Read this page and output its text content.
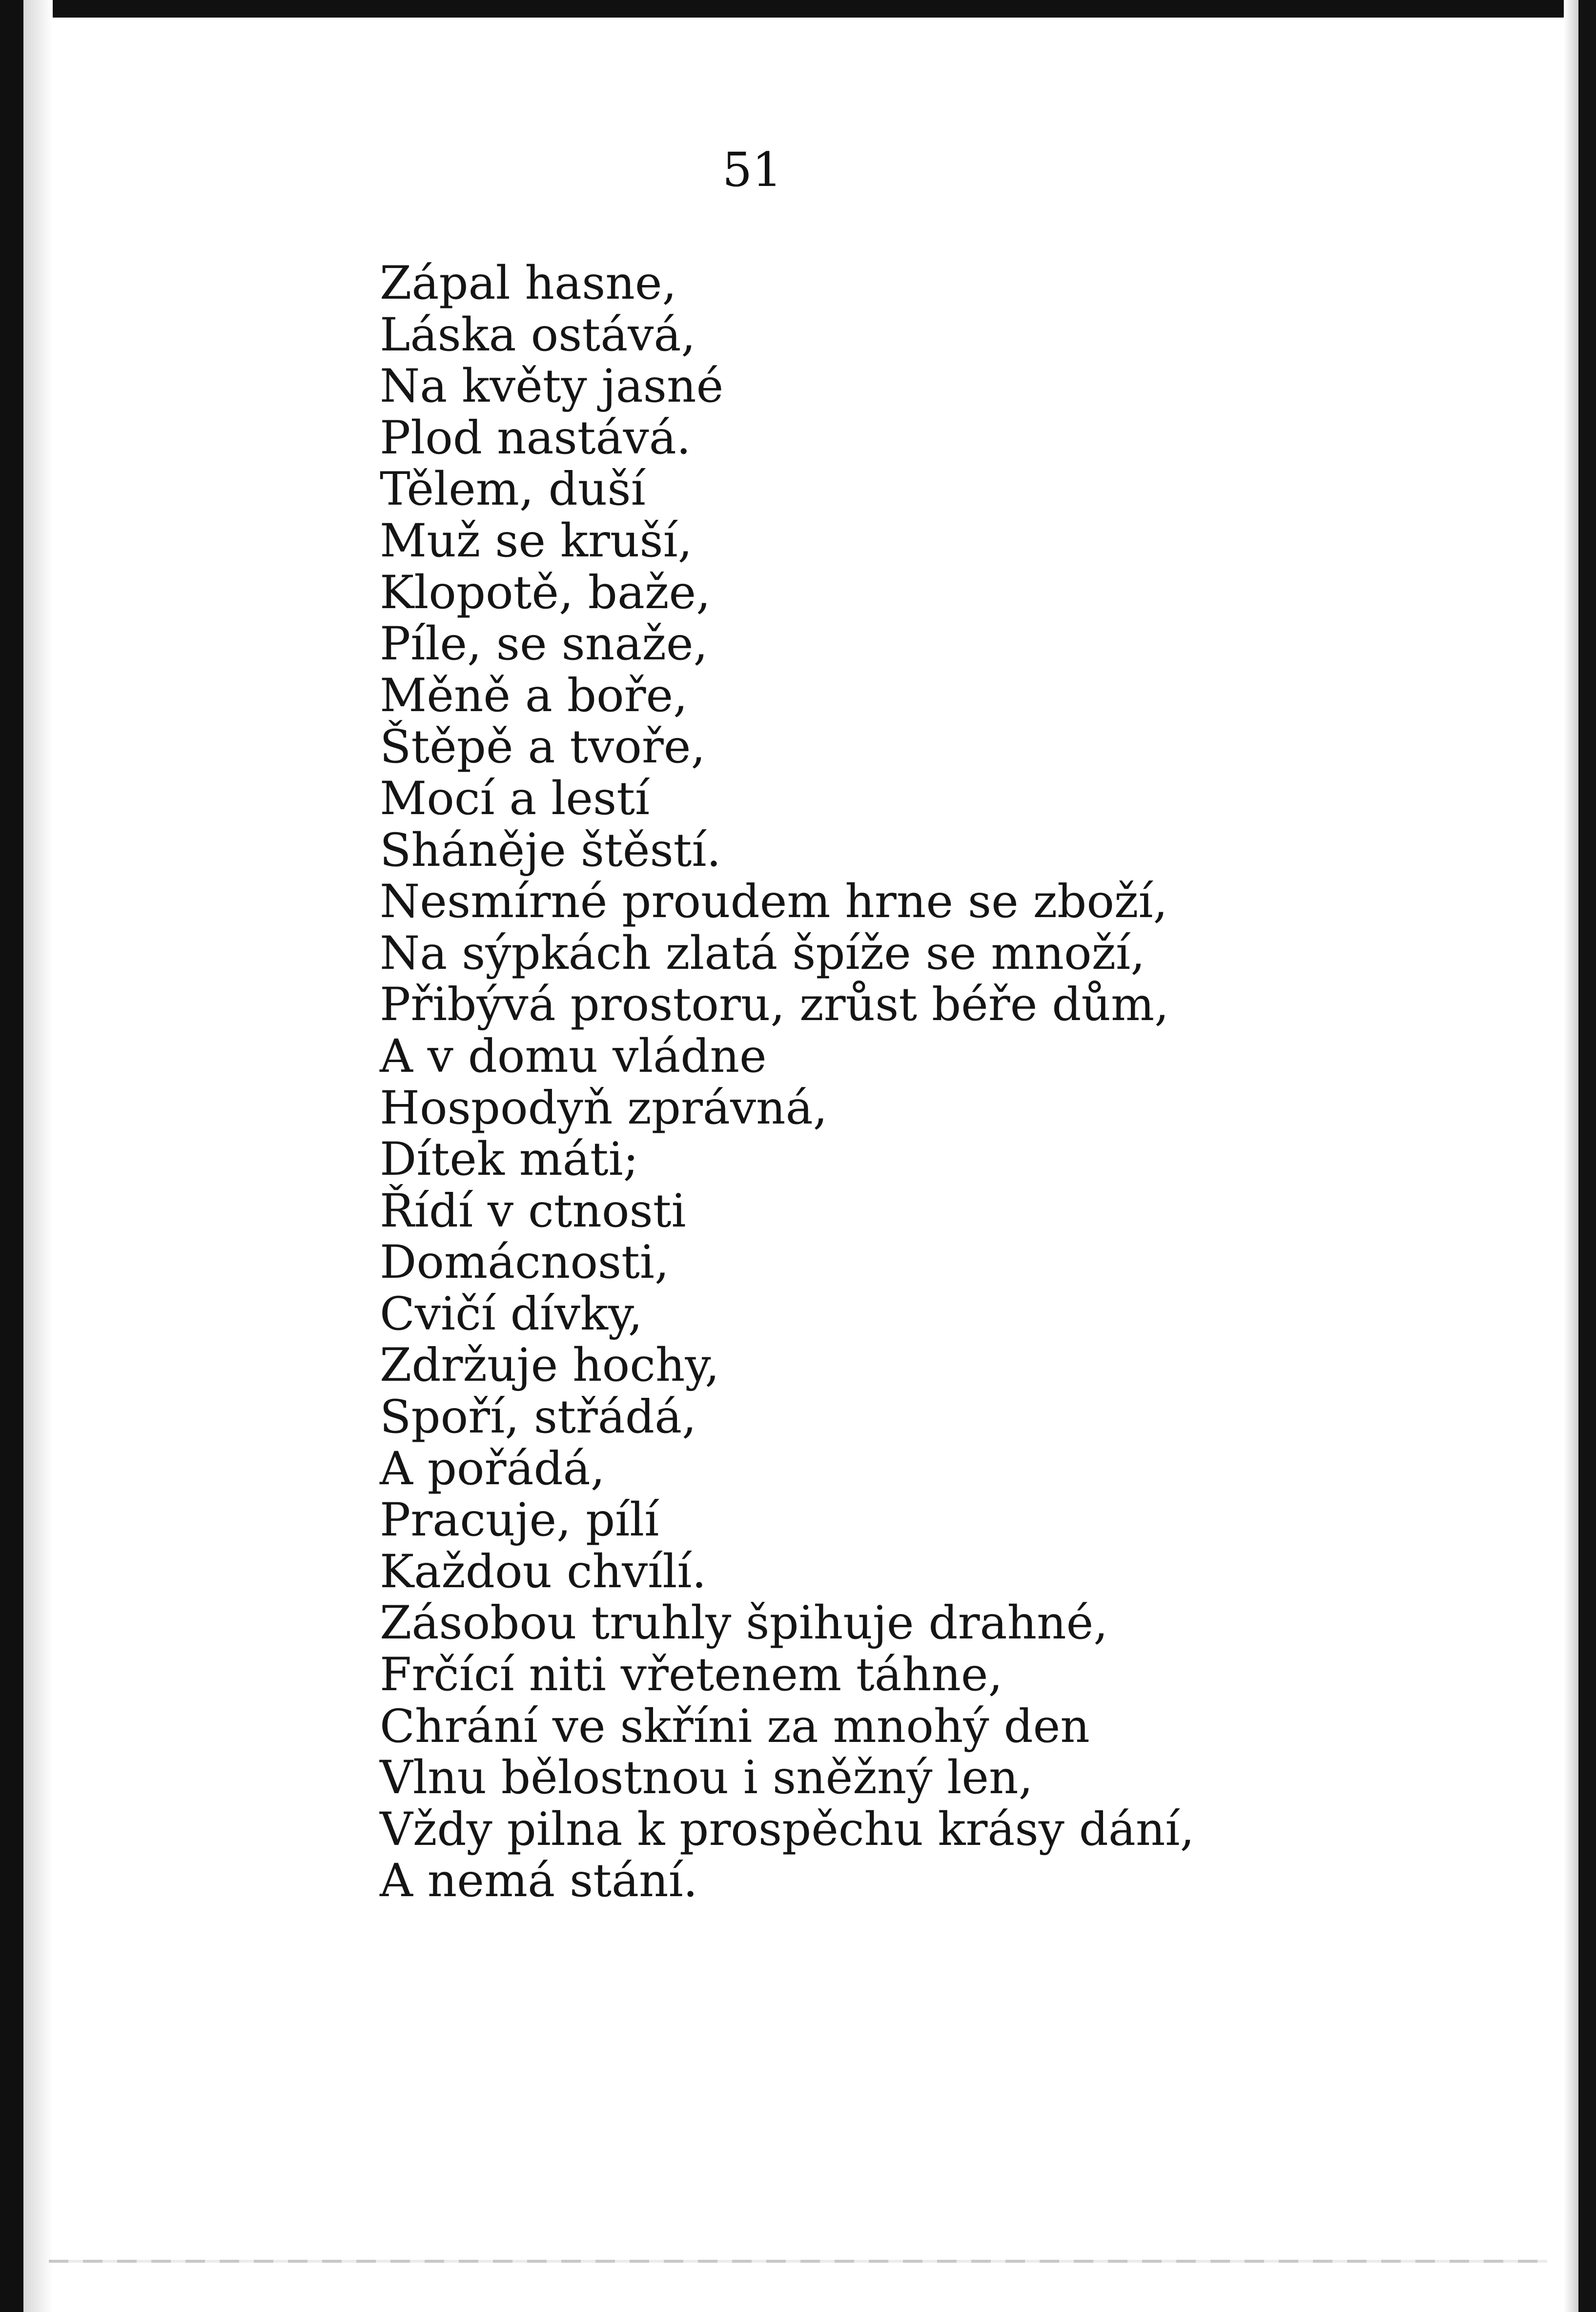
51
Zápal hasne,
Láska ostává,
Na květy jasné
Plod nastává.
Tělem, duší
Muž se kruší,
Klopotě, baže,
Píle, se snaže,
Měně a boře,
Štěpě a tvoře,
Mocí a lestí
Sháněje štěstí.
Nesmírné proudem hrne se zboží,
Na sýpkách zlatá špíže se množí,
Přibývá prostoru, zrůst béře dům,
A v domu vládne
Hospodyň zprávná,
Dítek máti;
Řídí v ctnosti
Domácnosti,
Cvičí dívky,
Zdržuje hochy,
Spoří, střádá,
A pořádá,
Pracuje, pílí
Každou chvílí.
Zásobou truhly špihuje drahné,
Frčící niti vřetenem táhne,
Chrání ve skříni za mnohý den
Vlnu bělostnou i sněžný len,
Vždy pilna k prospěchu krásy dání,
A nemá stání.
